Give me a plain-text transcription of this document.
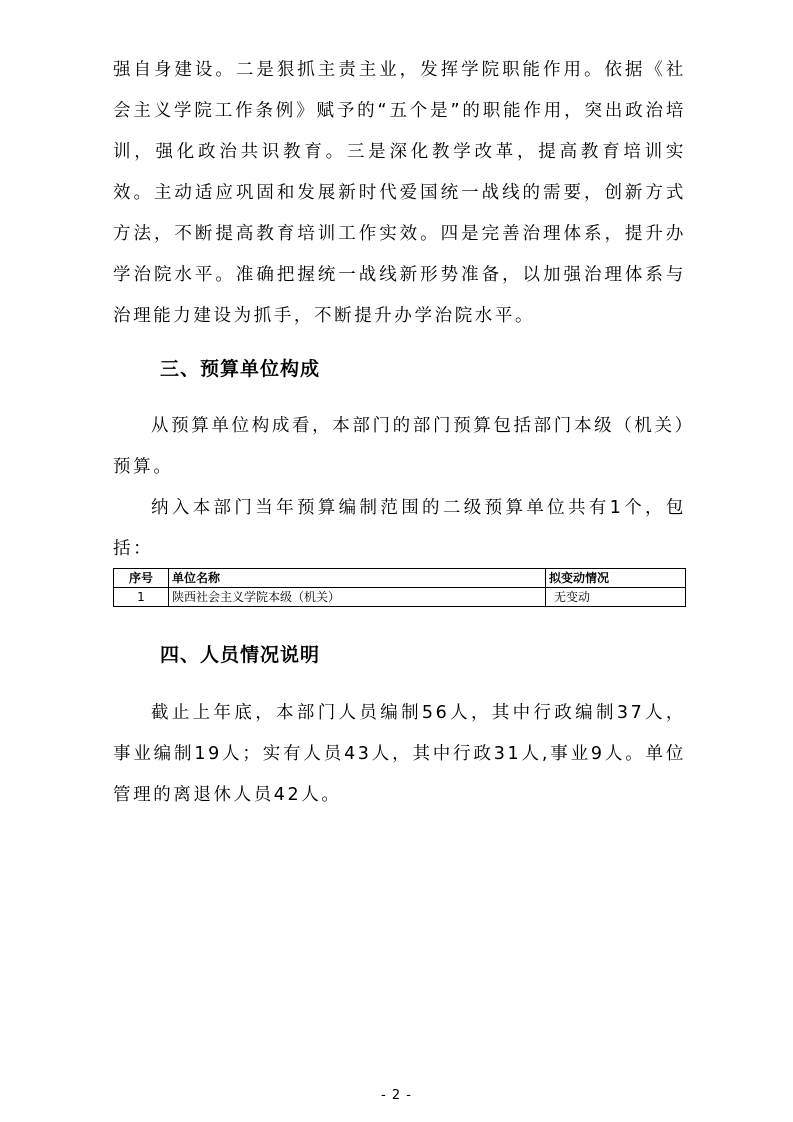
强自身建设。二是狠抓主责主业，发挥学院职能作用。依据《社会主义学院工作条例》赋予的“五个是”的职能作用，突出政治培训，强化政治共识教育。三是深化教学改革，提高教育培训实效。主动适应巩固和发展新时代爱国统一战线的需要，创新方式方法，不断提高教育培训工作实效。四是完善治理体系，提升办学治院水平。准确把握统一战线新形势准备，以加强治理体系与治理能力建设为抓手，不断提升办学治院水平。

三、预算单位构成

从预算单位构成看，本部门的部门预算包括部门本级（机关）预算。

纳入本部门当年预算编制范围的二级预算单位共有1个，包括：

序号	单位名称	拟变动情况
1	陕西社会主义学院本级（机关）	无变动
四、人员情况说明

截止上年底，本部门人员编制56人，其中行政编制37人，事业编制19人；实有人员43人，其中行政31人,事业9人。单位管理的离退休人员42人。

- 2 -
